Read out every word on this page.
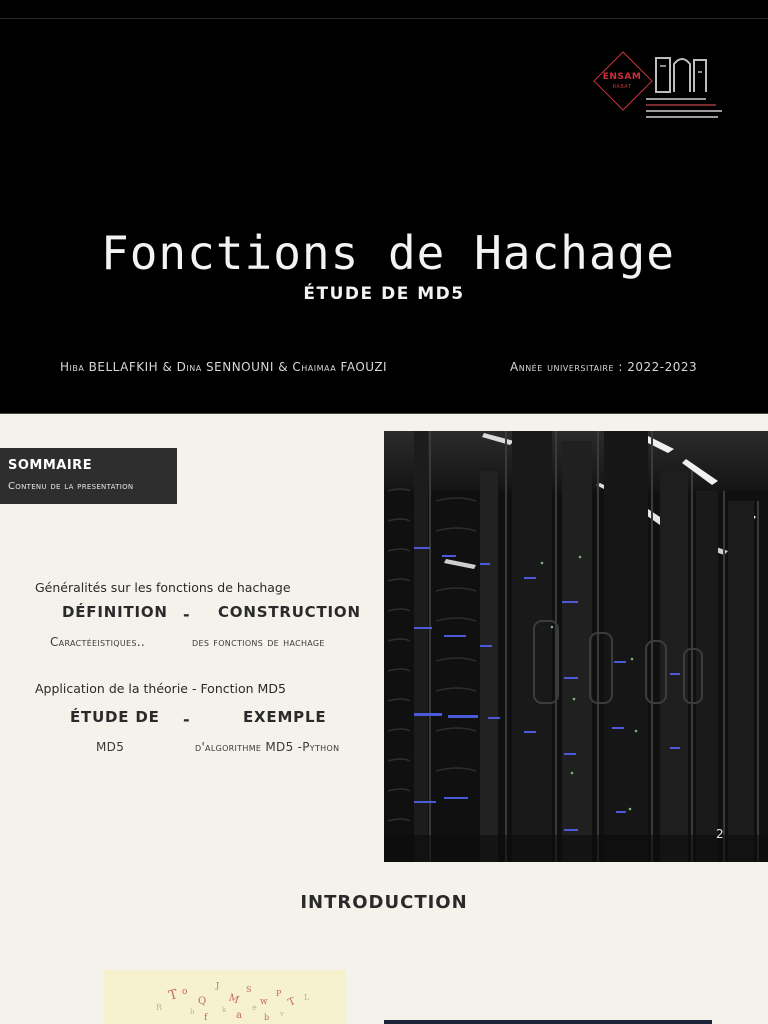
ENSAM
RABAT
Fonctions de Hachage
ÉTUDE DE MD5
Hiba BELLAFKIH & Dina SENNOUNI & Chaimaa FAOUZI	Année universitaire : 2022-2023
SOMMAIRE
Contenu de la presentation
Généralités sur les fonctions de hachage
DÉFINITION - CONSTRUCTION
Caractéeistiques..	des fonctions de hachage
Application de la théorie - Fonction MD5
ÉTUDE DE -	EXEMPLE
MD5	d'algorithme MD5 -Python
2
INTRODUCTION
T o
Q
J
M
S
w
P
T
f	a	b
R	h	k	e
v
L
